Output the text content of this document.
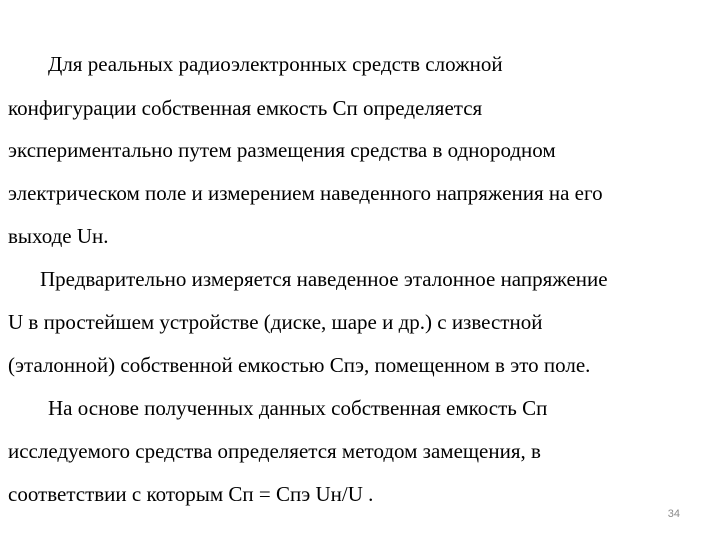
Для реальных радиоэлектронных средств сложной
конфигурации собственная емкость Сп определяется
экспериментально путем размещения средства в однородном
электрическом поле и измерением наведенного напряжения на его
выходе Uн.
Предварительно измеряется наведенное эталонное напряжение
U в простейшем устройстве (диске, шаре и др.) с известной
(эталонной) собственной емкостью Спэ, помещенном в это поле.
На основе полученных данных собственная емкость Сп
исследуемого средства определяется методом замещения, в
соответствии с которым Сп = Спэ Uн/U .
34
